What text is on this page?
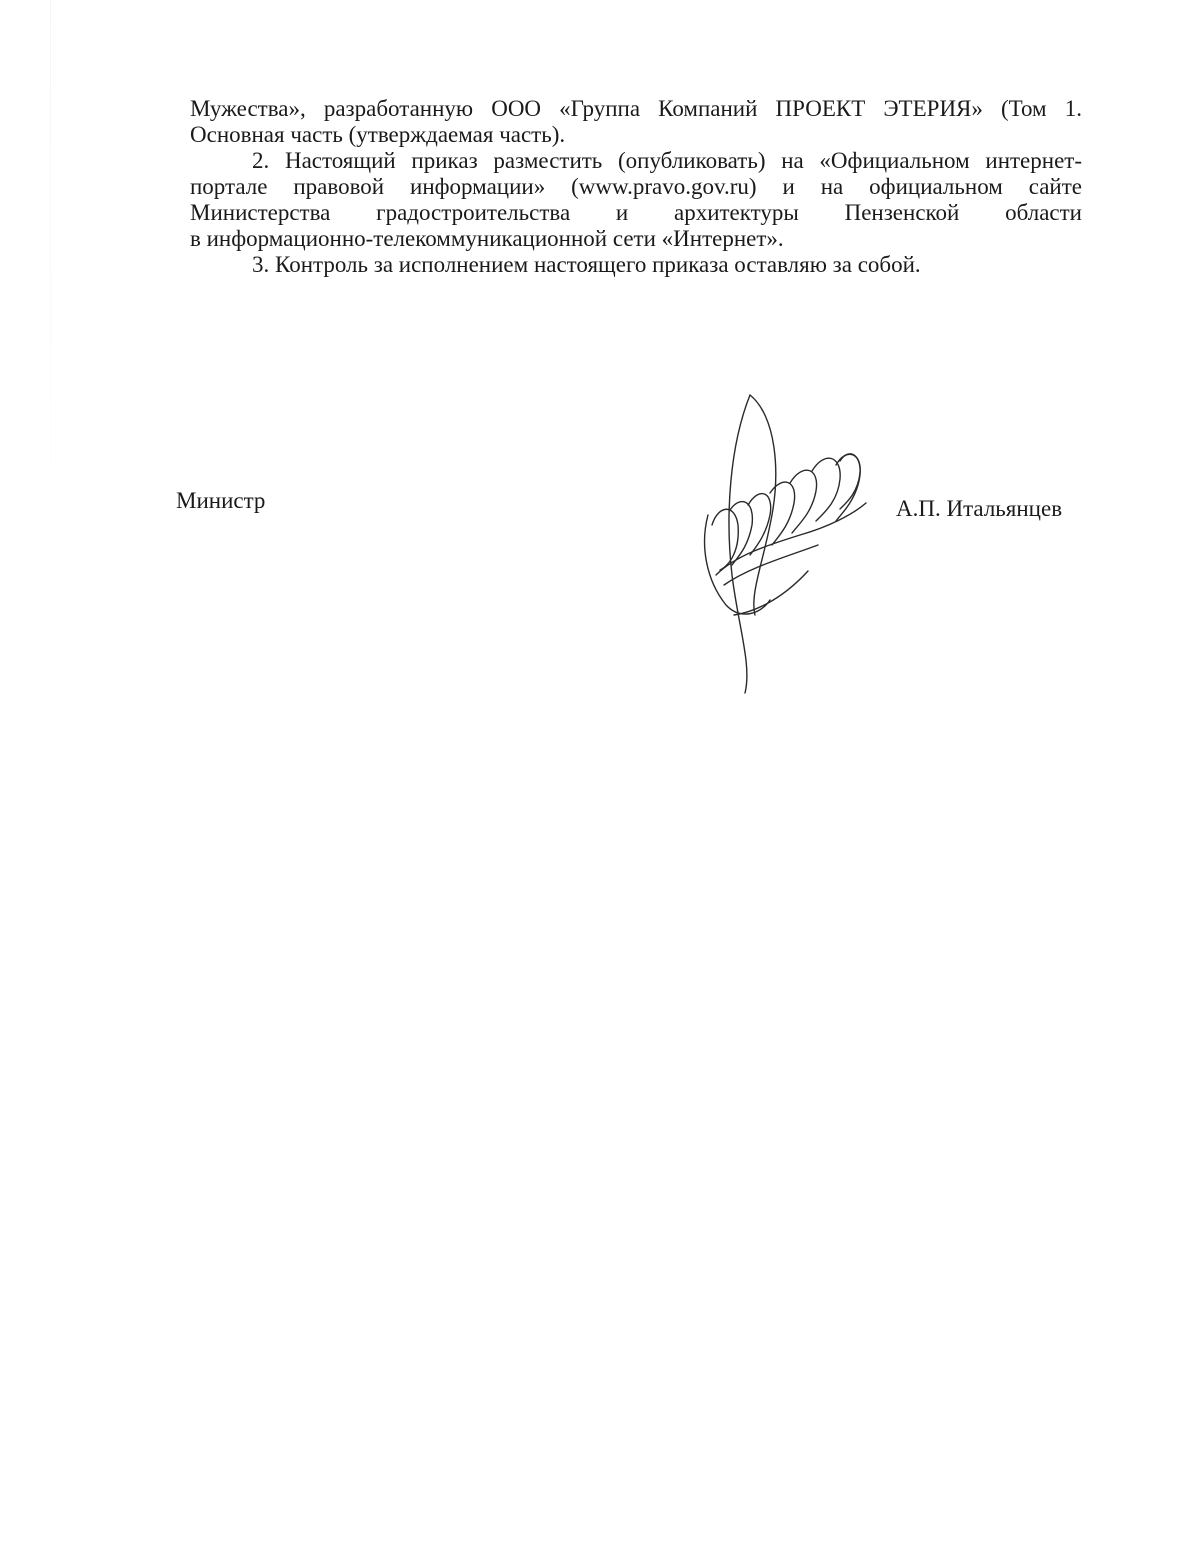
Мужества», разработанную ООО «Группа Компаний ПРОЕКТ ЭТЕРИЯ» (Том 1.

Основная часть (утверждаемая часть).

2. Настоящий приказ разместить (опубликовать) на «Официальном интернет-

портале правовой информации» (www.pravo.gov.ru) и на официальном сайте

Министерства градостроительства и архитектуры Пензенской области

в информационно-телекоммуникационной сети «Интернет».

3. Контроль за исполнением настоящего приказа оставляю за собой.

Министр	А.П. Итальянцев
